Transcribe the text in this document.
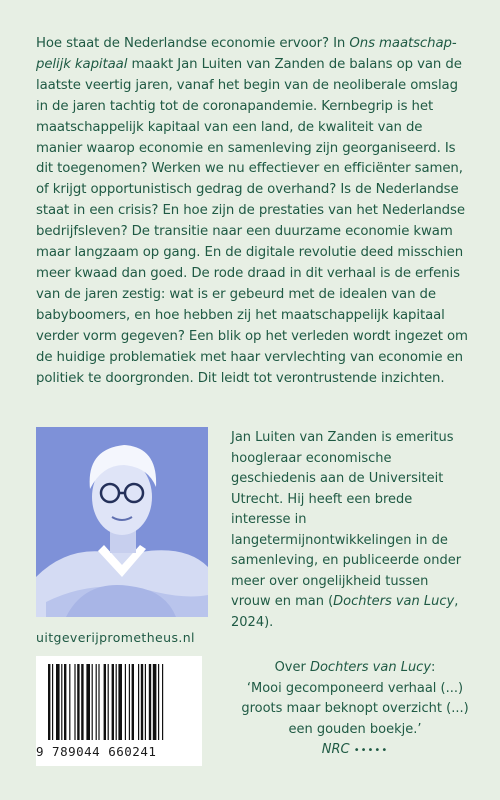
Hoe staat de Nederlandse economie ervoor? In Ons maatschappelijk kapitaal maakt Jan Luiten van Zanden de balans op van de laatste veertig jaren, vanaf het begin van de neoliberale omslag in de jaren tachtig tot de coronapandemie. Kernbegrip is het maatschappelijk kapitaal van een land, de kwaliteit van de manier waarop economie en samenleving zijn georganiseerd. Is dit toegenomen? Werken we nu effectiever en efficiënter samen, of krijgt opportunistisch gedrag de overhand? Is de Nederlandse staat in een crisis? En hoe zijn de prestaties van het Nederlandse bedrijfsleven? De transitie naar een duurzame economie kwam maar langzaam op gang. En de digitale revolutie deed misschien meer kwaad dan goed. De rode draad in dit verhaal is de erfenis van de jaren zestig: wat is er gebeurd met de idealen van de babyboomers, en hoe hebben zij het maatschappelijk kapitaal verder vorm gegeven? Een blik op het verleden wordt ingezet om de huidige problematiek met haar vervlechting van economie en politiek te doorgronden. Dit leidt tot verontrustende inzichten.

Jan Luiten van Zanden is emeritus hoogleraar economische geschiedenis aan de Universiteit Utrecht. Hij heeft een brede interesse in langetermijnontwikkelingen in de samenleving, en publiceerde onder meer over ongelijkheid tussen vrouw en man (Dochters van Lucy, 2024).

uitgeverijprometheus.nl
9 789044 660241

Over Dochters van Lucy:
‘Mooi gecomponeerd verhaal (...) groots maar beknopt overzicht (...) een gouden boekje.’
NRC •••••
